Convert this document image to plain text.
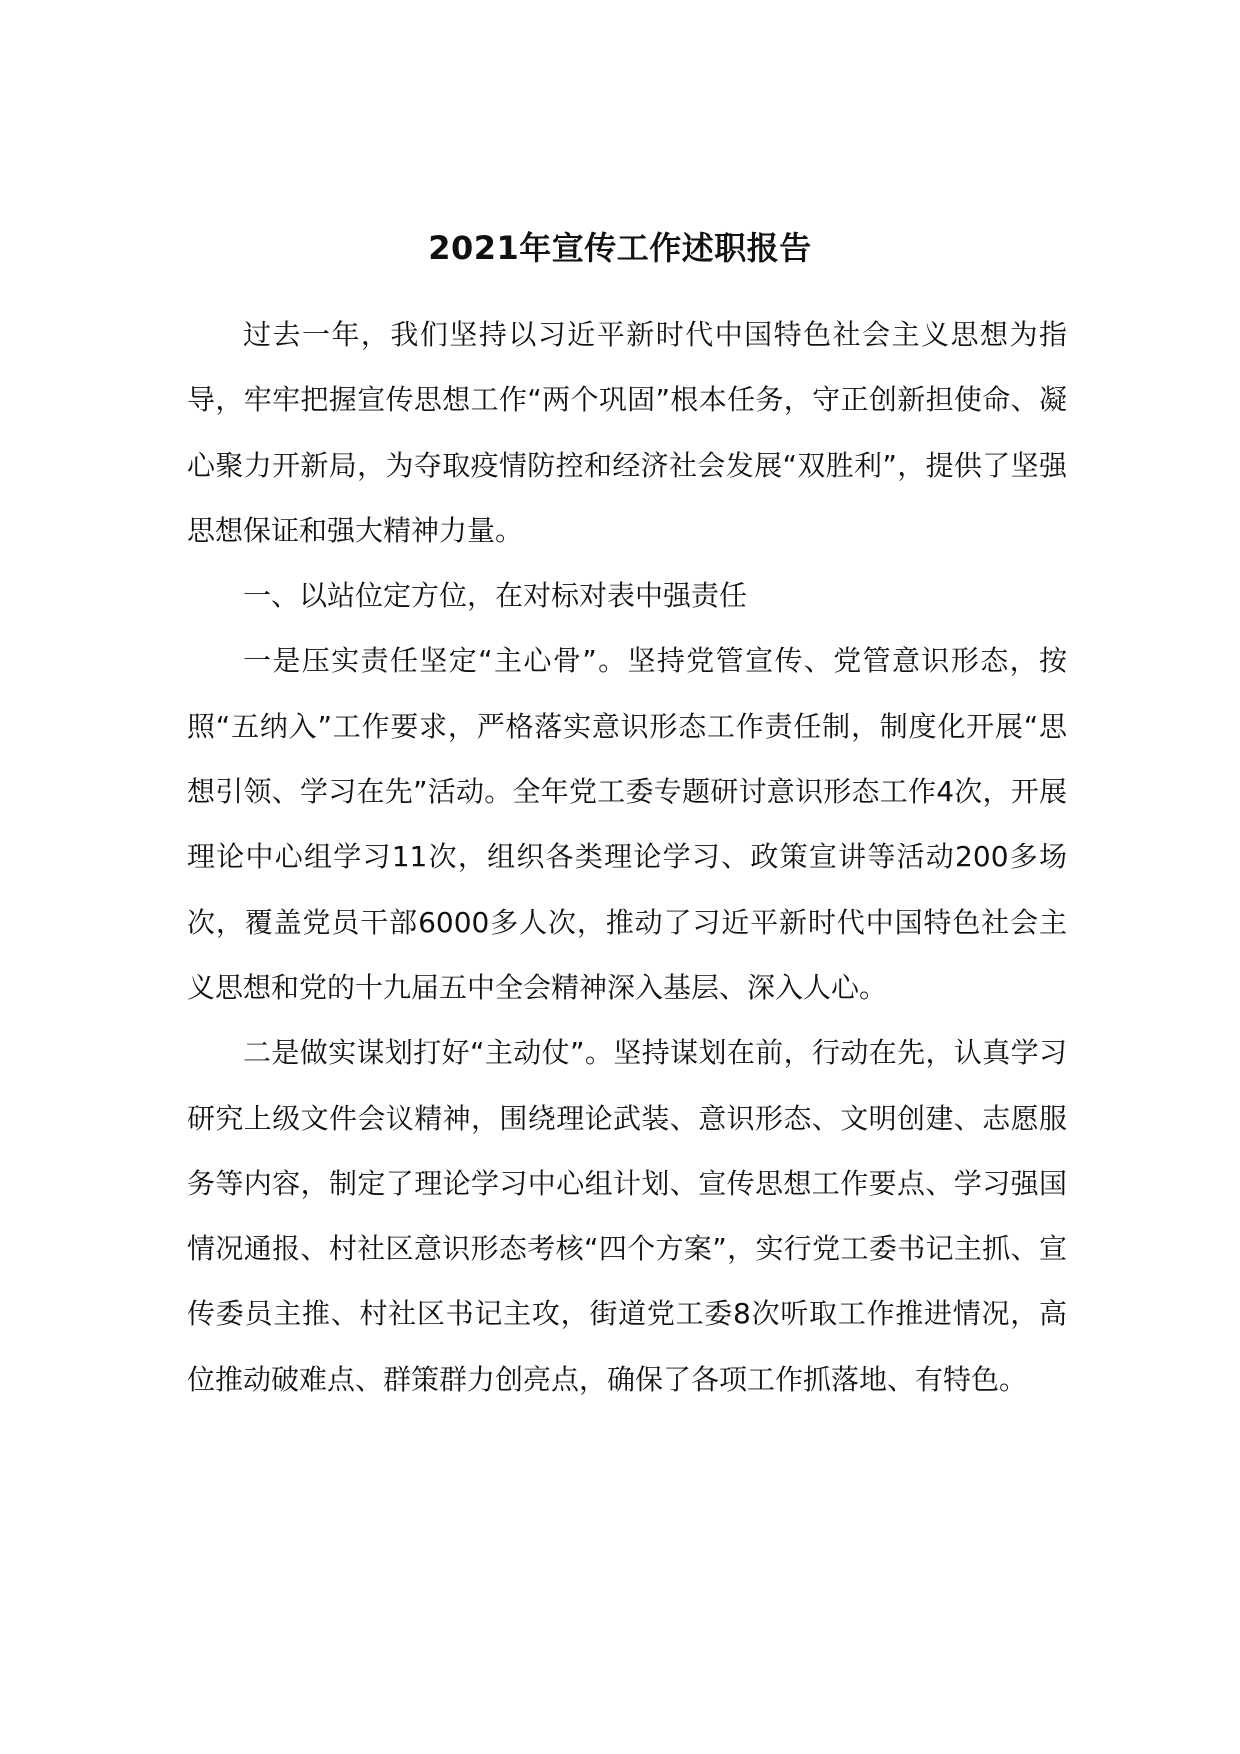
2021年宣传工作述职报告

过去一年，我们坚持以习近平新时代中国特色社会主义思想为指导，牢牢把握宣传思想工作“两个巩固”根本任务，守正创新担使命、凝心聚力开新局，为夺取疫情防控和经济社会发展“双胜利”，提供了坚强思想保证和强大精神力量。

一、以站位定方位，在对标对表中强责任

一是压实责任坚定“主心骨”。坚持党管宣传、党管意识形态，按照“五纳入”工作要求，严格落实意识形态工作责任制，制度化开展“思想引领、学习在先”活动。全年党工委专题研讨意识形态工作4次，开展理论中心组学习11次，组织各类理论学习、政策宣讲等活动200多场次，覆盖党员干部6000多人次，推动了习近平新时代中国特色社会主义思想和党的十九届五中全会精神深入基层、深入人心。

二是做实谋划打好“主动仗”。坚持谋划在前，行动在先，认真学习研究上级文件会议精神，围绕理论武装、意识形态、文明创建、志愿服务等内容，制定了理论学习中心组计划、宣传思想工作要点、学习强国情况通报、村社区意识形态考核“四个方案”，实行党工委书记主抓、宣传委员主推、村社区书记主攻，街道党工委8次听取工作推进情况，高位推动破难点、群策群力创亮点，确保了各项工作抓落地、有特色。
